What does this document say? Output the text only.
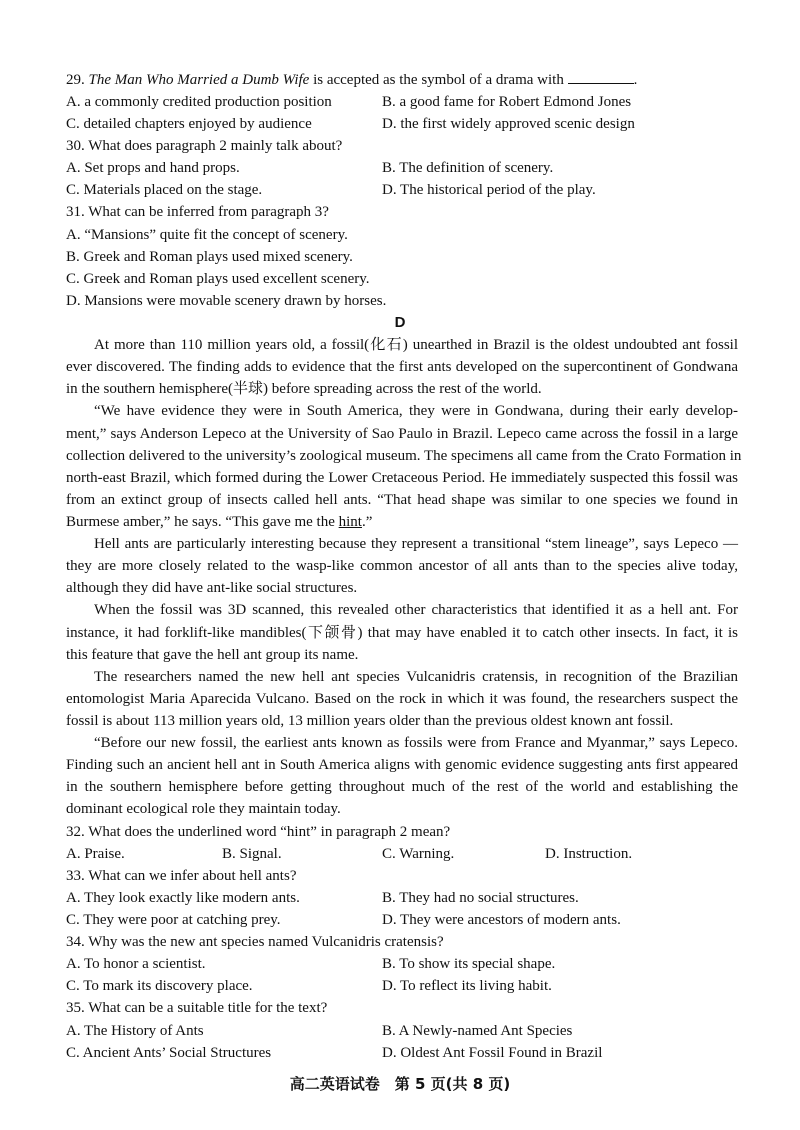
29. The Man Who Married a Dumb Wife is accepted as the symbol of a drama with	.
A. a commonly credited production position	B. a good fame for Robert Edmond Jones
C. detailed chapters enjoyed by audience	D. the first widely approved scenic design
30. What does paragraph 2 mainly talk about?
A. Set props and hand props.	B. The definition of scenery.
C. Materials placed on the stage.	D. The historical period of the play.
31. What can be inferred from paragraph 3?
A. “Mansions” quite fit the concept of scenery.
B. Greek and Roman plays used mixed scenery.
C. Greek and Roman plays used excellent scenery.
D. Mansions were movable scenery drawn by horses.
D
At more than 110 million years old, a fossil(化石) unearthed in Brazil is the oldest undoubted ant fossil
ever discovered. The finding adds to evidence that the first ants developed on the supercontinent of Gondwana
in the southern hemisphere(半球) before spreading across the rest of the world.
“We have evidence they were in South America, they were in Gondwana, during their early develop-
ment,” says Anderson Lepeco at the University of Sao Paulo in Brazil. Lepeco came across the fossil in a large
collection delivered to the university’s zoological museum. The specimens all came from the Crato Formation in
north-east Brazil, which formed during the Lower Cretaceous Period. He immediately suspected this fossil was
from an extinct group of insects called hell ants. “That head shape was similar to one species we found in
Burmese amber,” he says. “This gave me the hint.”
Hell ants are particularly interesting because they represent a transitional “stem lineage”, says Lepeco —
they are more closely related to the wasp-like common ancestor of all ants than to the species alive today,
although they did have ant-like social structures.
When the fossil was 3D scanned, this revealed other characteristics that identified it as a hell ant. For
instance, it had forklift-like mandibles(下颌骨) that may have enabled it to catch other insects. In fact, it is
this feature that gave the hell ant group its name.
The researchers named the new hell ant species Vulcanidris cratensis, in recognition of the Brazilian
entomologist Maria Aparecida Vulcano. Based on the rock in which it was found, the researchers suspect the
fossil is about 113 million years old, 13 million years older than the previous oldest known ant fossil.
“Before our new fossil, the earliest ants known as fossils were from France and Myanmar,” says Lepeco.
Finding such an ancient hell ant in South America aligns with genomic evidence suggesting ants first appeared
in the southern hemisphere before getting throughout much of the rest of the world and establishing the
dominant ecological role they maintain today.
32. What does the underlined word “hint” in paragraph 2 mean?
A. Praise.	B. Signal.	C. Warning.	D. Instruction.
33. What can we infer about hell ants?
A. They look exactly like modern ants.	B. They had no social structures.
C. They were poor at catching prey.	D. They were ancestors of modern ants.
34. Why was the new ant species named Vulcanidris cratensis?
A. To honor a scientist.	B. To show its special shape.
C. To mark its discovery place.	D. To reflect its living habit.
35. What can be a suitable title for the text?
A. The History of Ants	B. A Newly-named Ant Species
C. Ancient Ants’ Social Structures	D. Oldest Ant Fossil Found in Brazil
高二英语试卷　第 5 页(共 8 页)
